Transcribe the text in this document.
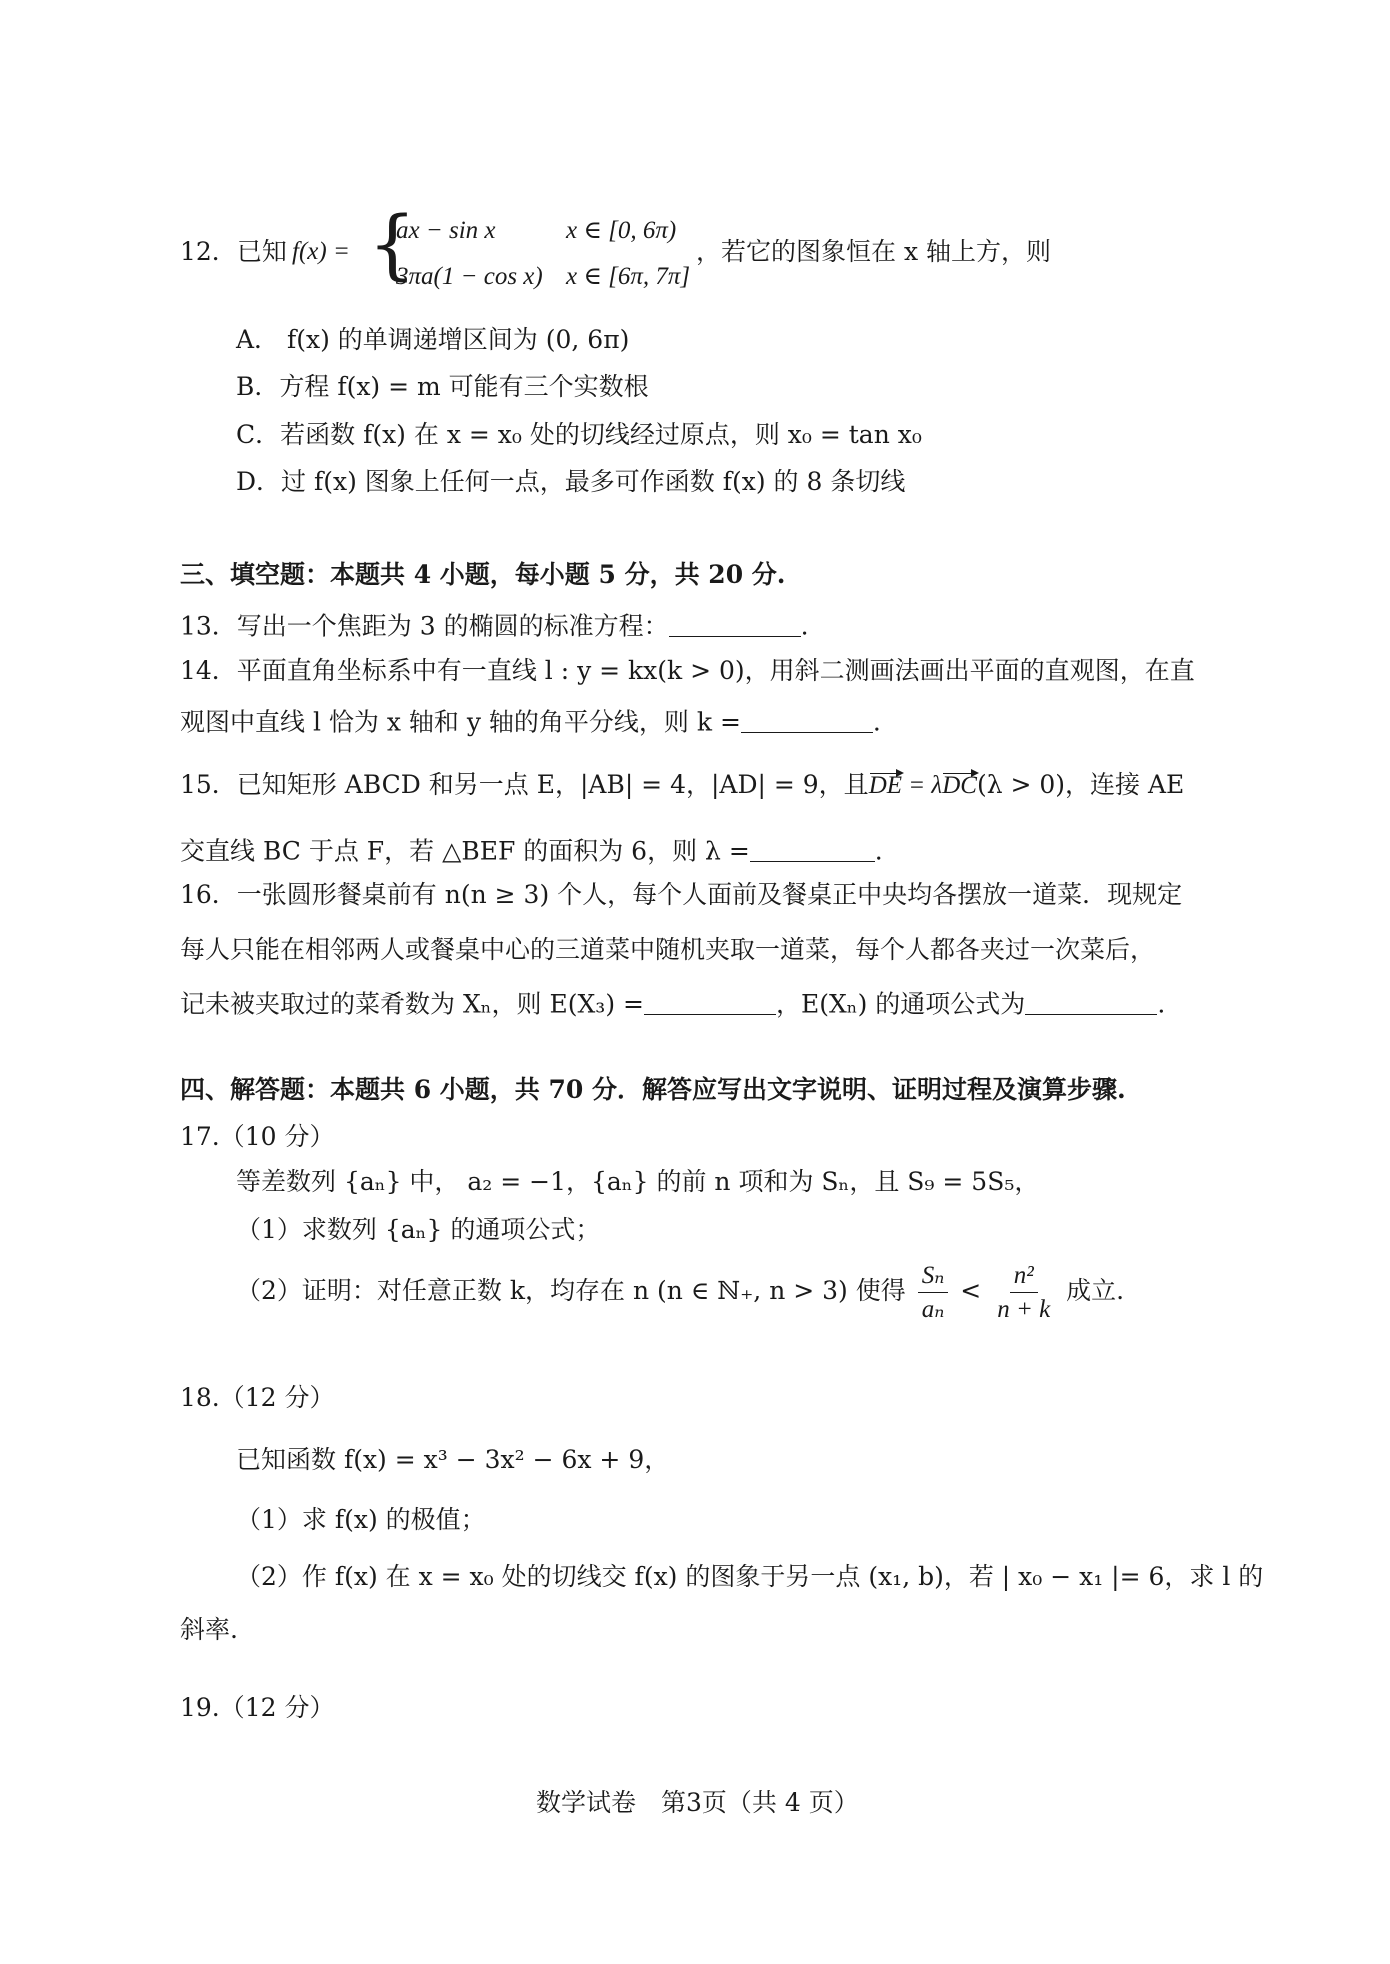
12．已知 f(x) = {
ax − sin x	x ∈ [0, 6π)
3πa(1 − cos x) x ∈ [6π, 7π]
，若它的图象恒在 x 轴上方，则
A． f(x) 的单调递增区间为 (0, 6π)
B．方程 f(x) = m 可能有三个实数根
C．若函数 f(x) 在 x = x₀ 处的切线经过原点，则 x₀ = tan x₀
D．过 f(x) 图象上任何一点，最多可作函数 f(x) 的 8 条切线
三、填空题：本题共 4 小题，每小题 5 分，共 20 分.
13．写出一个焦距为 3 的椭圆的标准方程：	.
14．平面直角坐标系中有一直线 l : y = kx(k > 0)，用斜二测画法画出平面的直观图，在直
观图中直线 l 恰为 x 轴和 y 轴的角平分线，则 k =	.
15．已知矩形 ABCD 和另一点 E，|AB| = 4，|AD| = 9，且DE = λDC(λ > 0)，连接 AE
交直线 BC 于点 F，若 △BEF 的面积为 6，则 λ =	.
16．一张圆形餐桌前有 n(n ≥ 3) 个人，每个人面前及餐桌正中央均各摆放一道菜．现规定
每人只能在相邻两人或餐桌中心的三道菜中随机夹取一道菜，每个人都各夹过一次菜后，
记未被夹取过的菜肴数为 Xₙ，则 E(X₃) =	，E(Xₙ) 的通项公式为	.
四、解答题：本题共 6 小题，共 70 分．解答应写出文字说明、证明过程及演算步骤.
17.（10 分）
等差数列 {aₙ} 中， a₂ = −1，{aₙ} 的前 n 项和为 Sₙ，且 S₉ = 5S₅，
（1）求数列 {aₙ} 的通项公式；
（2）证明：对任意正数 k，均存在 n (n ∈ ℕ₊, n > 3) 使得 $\frac{\text{Sₙ}}{\text{aₙ}} < \frac{\text{n²}}{n + k}$ 成立.
18.（12 分）
已知函数 f(x) = x³ − 3x² − 6x + 9，
（1）求 f(x) 的极值；
（2）作 f(x) 在 x = x₀ 处的切线交 f(x) 的图象于另一点 (x₁, b)，若 | x₀ − x₁ |= 6，求 l 的
斜率.
19.（12 分）
数学试卷　第3页（共 4 页）
